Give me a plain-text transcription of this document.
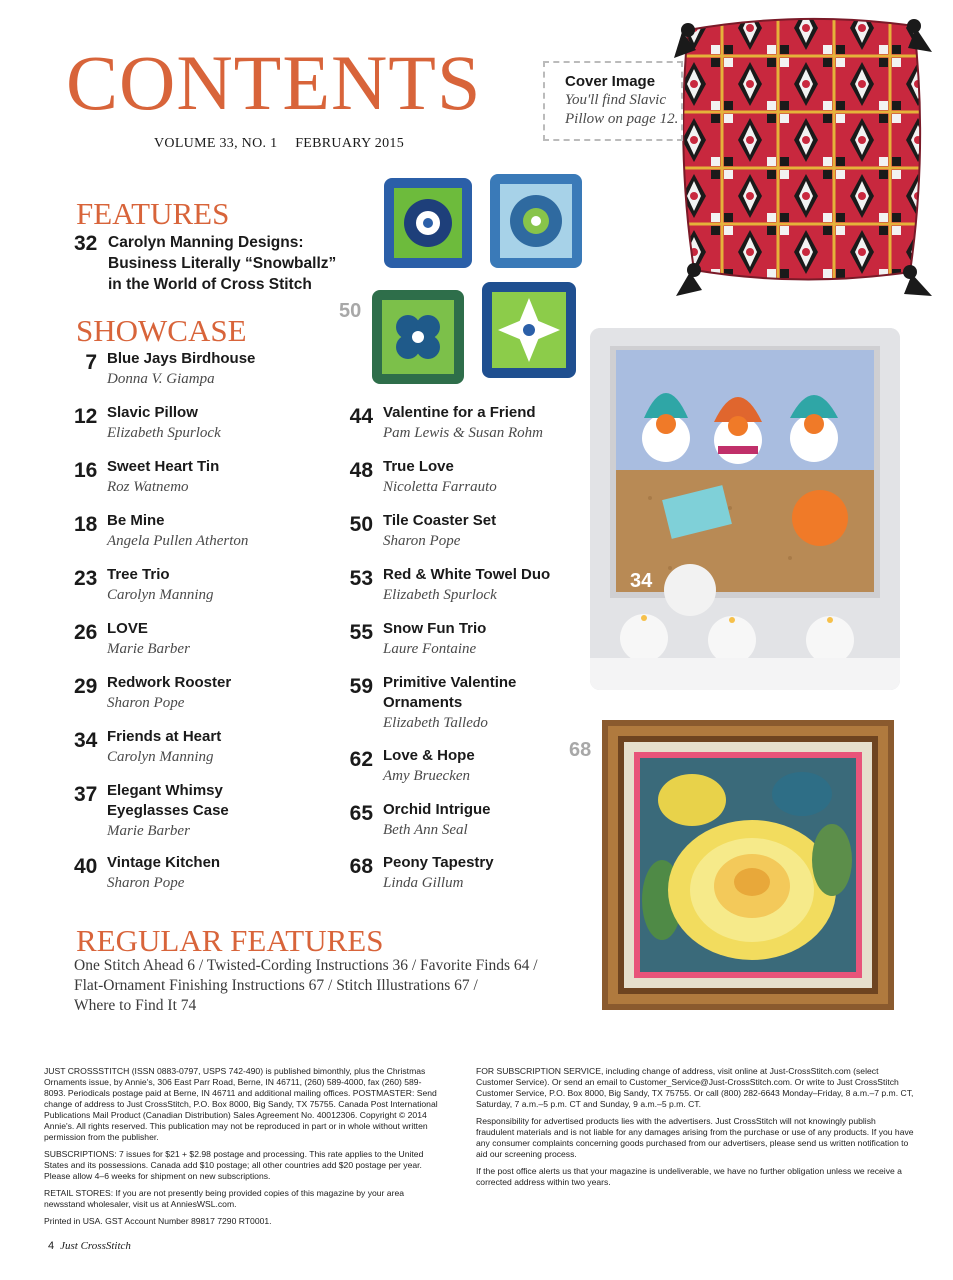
CONTENTS
VOLUME 33, NO. 1 FEBRUARY 2015
Cover Image
You'll find Slavic Pillow on page 12.
50
34
68
FEATURES
32 Carolyn Manning Designs:
Business Literally “Snowballz”
in the World of Cross Stitch
SHOWCASE
7 Blue Jays Birdhouse
Donna V. Giampa
12 Slavic Pillow
Elizabeth Spurlock
16 Sweet Heart Tin
Roz Watnemo
18 Be Mine
Angela Pullen Atherton
23 Tree Trio
Carolyn Manning
26 LOVE
Marie Barber
29 Redwork Rooster
Sharon Pope
34 Friends at Heart
Carolyn Manning
37 Elegant Whimsy
Eyeglasses Case
Marie Barber
40 Vintage Kitchen
Sharon Pope
44 Valentine for a Friend
Pam Lewis & Susan Rohm
48 True Love
Nicoletta Farrauto
50 Tile Coaster Set
Sharon Pope
53 Red & White Towel Duo
Elizabeth Spurlock
55 Snow Fun Trio
Laure Fontaine
59 Primitive Valentine
Ornaments
Elizabeth Talledo
62 Love & Hope
Amy Bruecken
65 Orchid Intrigue
Beth Ann Seal
68 Peony Tapestry
Linda Gillum
REGULAR FEATURES
One Stitch Ahead 6 / Twisted-Cording Instructions 36 / Favorite Finds 64 /
Flat-Ornament Finishing Instructions 67 / Stitch Illustrations 67 /
Where to Find It 74

JUST CROSSSTITCH (ISSN 0883-0797, USPS 742-490) is published bimonthly, plus the Christmas Ornaments issue, by Annie's, 306 East Parr Road, Berne, IN 46711, (260) 589-4000, fax (260) 589-8093. Periodicals postage paid at Berne, IN 46711 and additional mailing offices. POSTMASTER: Send change of address to Just CrossStitch, P.O. Box 8000, Big Sandy, TX 75755. Canada Post International Publications Mail Product (Canadian Distribution) Sales Agreement No. 40012306. Copyright © 2014 Annie's. All rights reserved. This publication may not be reproduced in part or in whole without written permission from the publisher.

SUBSCRIPTIONS: 7 issues for $21 + $2.98 postage and processing. This rate applies to the United States and its possessions. Canada add $10 postage; all other countries add $20 postage per year. Please allow 4–6 weeks for shipment on new subscriptions.

RETAIL STORES: If you are not presently being provided copies of this magazine by your area newsstand wholesaler, visit us at AnniesWSL.com.

Printed in USA. GST Account Number 89817 7290 RT0001.

FOR SUBSCRIPTION SERVICE, including change of address, visit online at Just-CrossStitch.com (select Customer Service). Or send an email to Customer_Service@Just-CrossStitch.com. Or write to Just CrossStitch Customer Service, P.O. Box 8000, Big Sandy, TX 75755. Or call (800) 282-6643 Monday–Friday, 8 a.m.–7 p.m. CT, Saturday, 7 a.m.–5 p.m. CT and Sunday, 9 a.m.–5 p.m. CT.

Responsibility for advertised products lies with the advertisers. Just CrossStitch will not knowingly publish fraudulent materials and is not liable for any damages arising from the purchase or use of any products. If you have any consumer complaints concerning goods purchased from our advertisers, please send us written notification to aid our screening process.

If the post office alerts us that your magazine is undeliverable, we have no further obligation unless we receive a corrected address within two years.

4 Just CrossStitch
